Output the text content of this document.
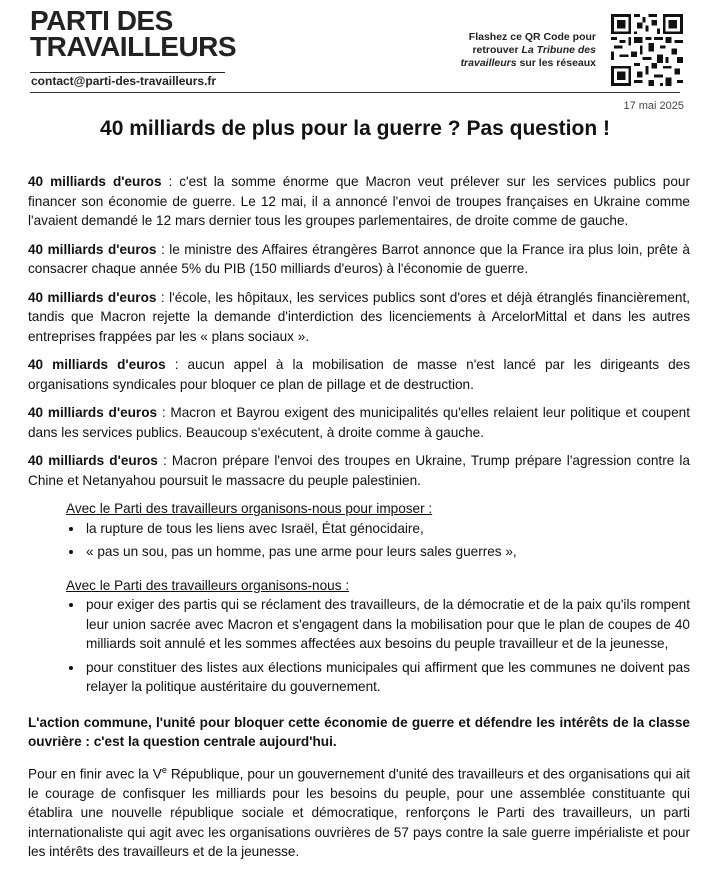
PARTI DES
TRAVAILLEURS
contact@parti-des-travailleurs.fr
Flashez ce QR Code pour
retrouver La Tribune des
travailleurs sur les réseaux
17 mai 2025
40 milliards de plus pour la guerre ? Pas question !

40 milliards d'euros : c'est la somme énorme que Macron veut prélever sur les services publics pour financer son économie de guerre. Le 12 mai, il a annoncé l'envoi de troupes françaises en Ukraine comme l'avaient demandé le 12 mars dernier tous les groupes parlementaires, de droite comme de gauche.

40 milliards d'euros : le ministre des Affaires étrangères Barrot annonce que la France ira plus loin, prête à consacrer chaque année 5% du PIB (150 milliards d'euros) à l'économie de guerre.

40 milliards d'euros : l'école, les hôpitaux, les services publics sont d'ores et déjà étranglés financièrement, tandis que Macron rejette la demande d'interdiction des licenciements à ArcelorMittal et dans les autres entreprises frappées par les « plans sociaux ».

40 milliards d'euros : aucun appel à la mobilisation de masse n'est lancé par les dirigeants des organisations syndicales pour bloquer ce plan de pillage et de destruction.

40 milliards d'euros : Macron et Bayrou exigent des municipalités qu'elles relaient leur politique et coupent dans les services publics. Beaucoup s'exécutent, à droite comme à gauche.

40 milliards d'euros : Macron prépare l'envoi des troupes en Ukraine, Trump prépare l'agression contre la Chine et Netanyahou poursuit le massacre du peuple palestinien.

Avec le Parti des travailleurs organisons-nous pour imposer :
• la rupture de tous les liens avec Israël, État génocidaire,
• « pas un sou, pas un homme, pas une arme pour leurs sales guerres »,
Avec le Parti des travailleurs organisons-nous :
• pour exiger des partis qui se réclament des travailleurs, de la démocratie et de la paix qu'ils rompent leur union sacrée avec Macron et s'engagent dans la mobilisation pour que le plan de coupes de 40 milliards soit annulé et les sommes affectées aux besoins du peuple travailleur et de la jeunesse,
• pour constituer des listes aux élections municipales qui affirment que les communes ne doivent pas relayer la politique austéritaire du gouvernement.

L'action commune, l'unité pour bloquer cette économie de guerre et défendre les intérêts de la classe ouvrière : c'est la question centrale aujourd'hui.

Pour en finir avec la Ve République, pour un gouvernement d'unité des travailleurs et des organisations qui ait le courage de confisquer les milliards pour les besoins du peuple, pour une assemblée constituante qui établira une nouvelle république sociale et démocratique, renforçons le Parti des travailleurs, un parti internationaliste qui agit avec les organisations ouvrières de 57 pays contre la sale guerre impérialiste et pour les intérêts des travailleurs et de la jeunesse.
